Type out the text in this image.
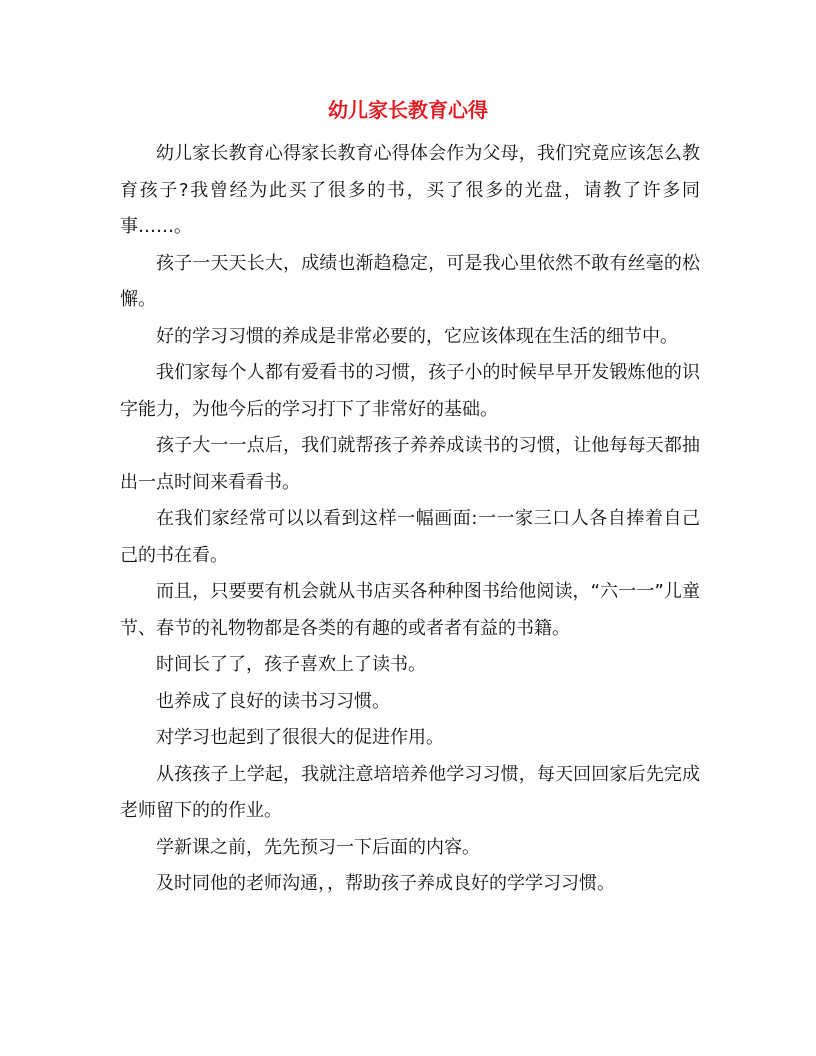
幼儿家长教育心得

幼儿家长教育心得家长教育心得体会作为父母，我们究竟应该怎么教育孩子?我曾经为此买了很多的书，买了很多的光盘，请教了许多同事……。

孩子一天天长大，成绩也渐趋稳定，可是我心里依然不敢有丝毫的松懈。

好的学习习惯的养成是非常必要的，它应该体现在生活的细节中。

我们家每个人都有爱看书的习惯，孩子小的时候早早开发锻炼他的识字能力，为他今后的学习打下了非常好的基础。

孩子大一一点后，我们就帮孩子养养成读书的习惯，让他每每天都抽出一点时间来看看书。

在我们家经常可以以看到这样一幅画面:一一家三口人各自捧着自己己的书在看。

而且，只要要有机会就从书店买各种种图书给他阅读，“六一一”儿童节、春节的礼物物都是各类的有趣的或者者有益的书籍。

时间长了了，孩子喜欢上了读书。

也养成了良好的读书习习惯。

对学习也起到了很很大的促进作用。

从孩孩子上学起，我就注意培培养他学习习惯，每天回回家后先完成老师留下的的作业。

学新课之前，先先预习一下后面的内容。

及时同他的老师沟通，，帮助孩子养成良好的学学习习惯。
